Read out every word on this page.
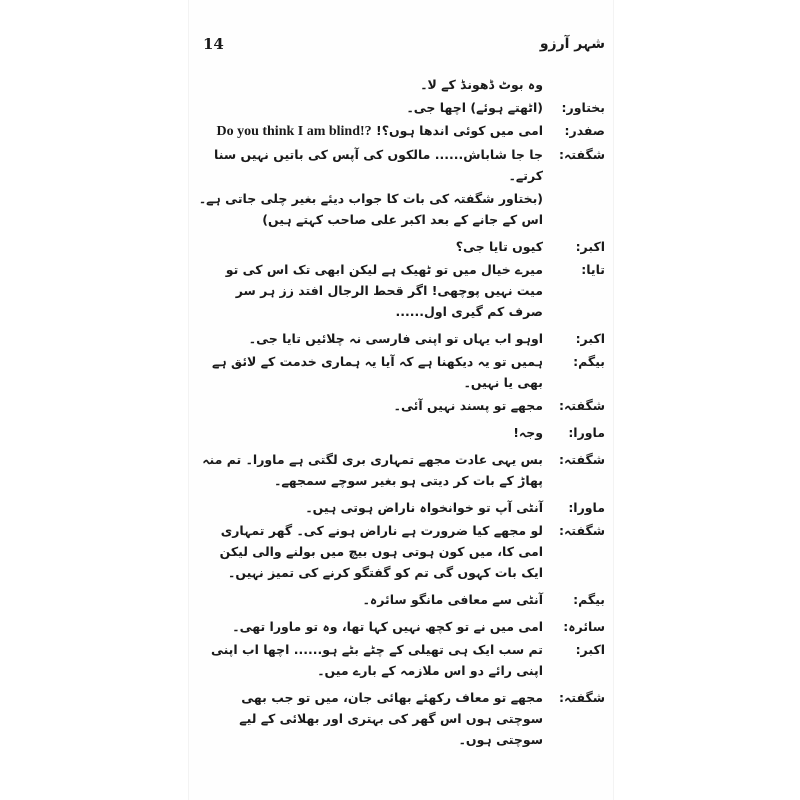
14	شہر آرزو
وہ بوٹ ڈھونڈ کے لا۔
بختاور:
(اٹھتے ہوئے) اچھا جی۔
صفدر:
امی میں کوئی اندھا ہوں؟! Do you think I am blind!?
شگفتہ:
جا جا شاباش...... مالکوں کی آپس کی باتیں نہیں سنا کرتے۔
(بختاور شگفتہ کی بات کا جواب دیئے بغیر چلی جاتی ہے۔ اس کے جانے کے بعد اکبر علی صاحب کہتے ہیں)
اکبر:
کیوں تایا جی؟
تایا:
میرے خیال میں تو ٹھیک ہے لیکن ابھی تک اس کی تو میت نہیں پوچھی! اگر قحط الرجال افتد زز ہر سر صرف کم گیری اول......
اکبر:
اوہو اب یہاں تو اپنی فارسی نہ چلائیں تایا جی۔
بیگم:
ہمیں تو یہ دیکھنا ہے کہ آیا یہ ہماری خدمت کے لائق ہے بھی یا نہیں۔
شگفتہ:
مجھے تو پسند نہیں آئی۔
ماورا:
وجہ!
شگفتہ:
بس یہی عادت مجھے تمہاری بری لگتی ہے ماورا۔ تم منہ پھاڑ کے بات کر دیتی ہو بغیر سوچے سمجھے۔
ماورا:
آنٹی آپ تو خوانخواہ ناراض ہوتی ہیں۔
شگفتہ:
لو مجھے کیا ضرورت ہے ناراض ہونے کی۔ گھر تمہاری امی کا، میں کون ہوتی ہوں بیچ میں بولنے والی لیکن ایک بات کہوں گی تم کو گفتگو کرنے کی تمیز نہیں۔
بیگم:
آنٹی سے معافی مانگو سائرہ۔
سائرہ:
امی میں نے تو کچھ نہیں کہا تھا، وہ تو ماورا تھی۔
اکبر:
تم سب ایک ہی تھیلی کے چٹے بٹے ہو...... اچھا اب اپنی اپنی رائے دو اس ملازمہ کے بارے میں۔
شگفتہ:
مجھے تو معاف رکھئے بھائی جان، میں تو جب بھی سوچتی ہوں اس گھر کی بہتری اور بھلائی کے لیے سوچتی ہوں۔
